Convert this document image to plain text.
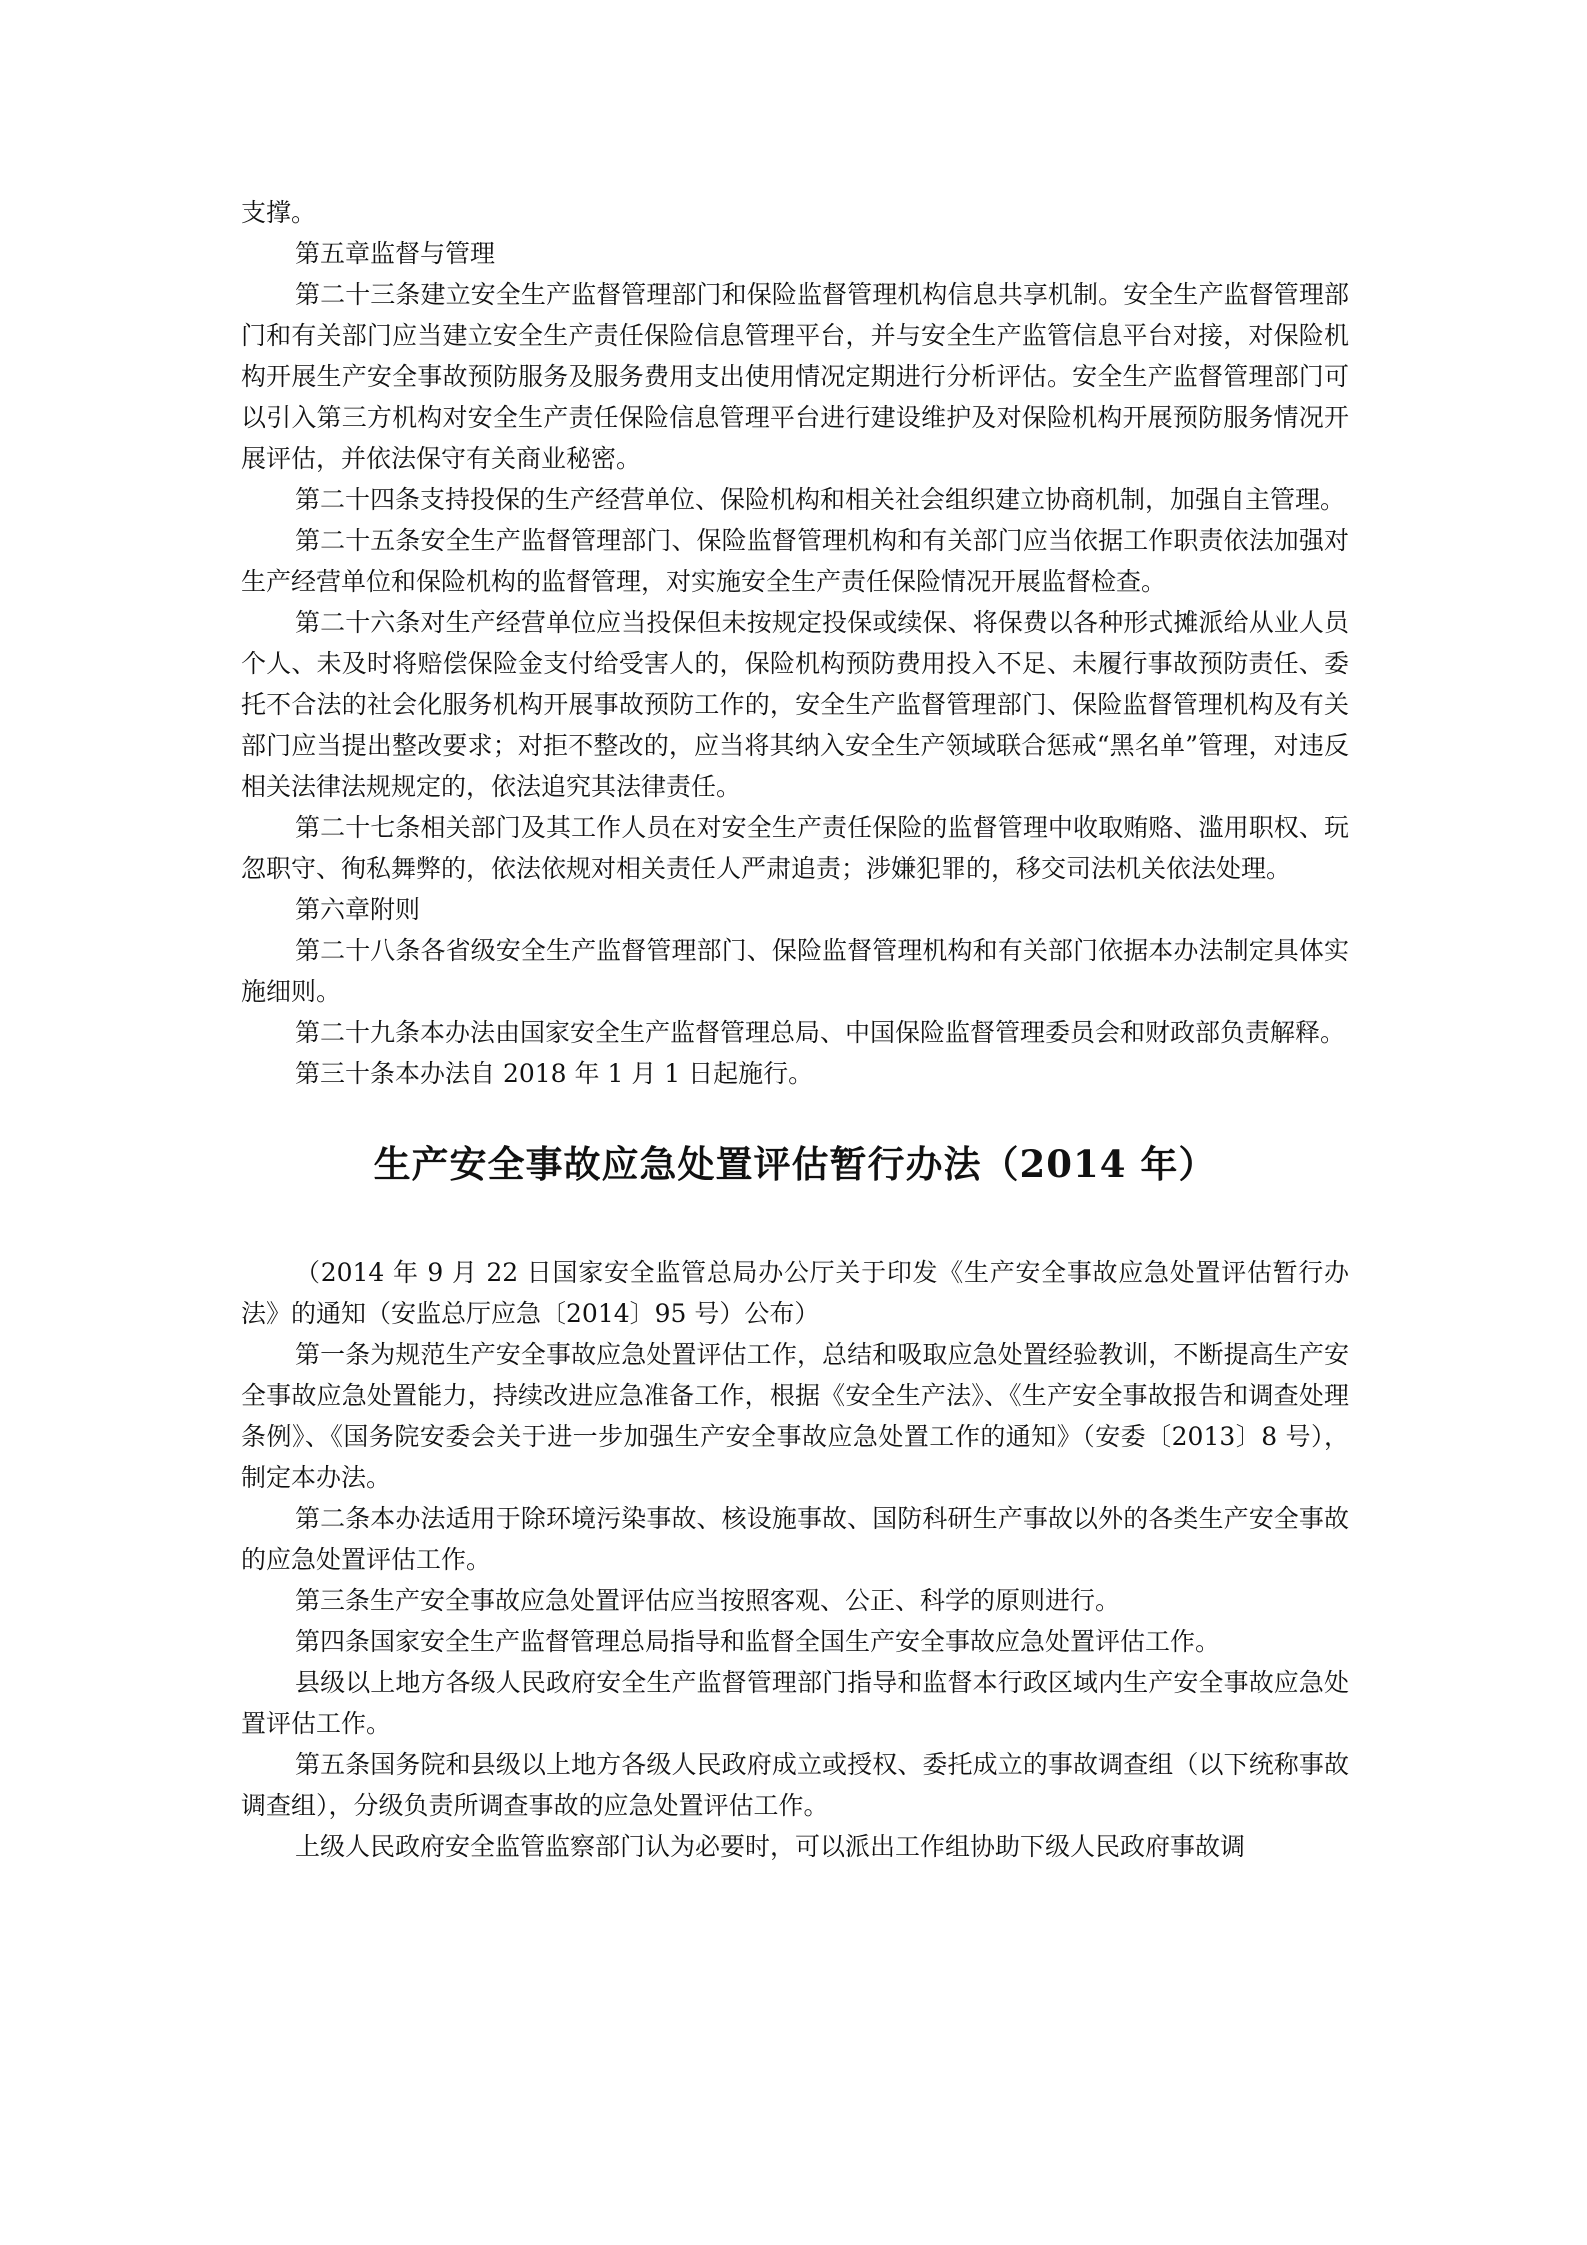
支撑。

第五章监督与管理

第二十三条建立安全生产监督管理部门和保险监督管理机构信息共享机制。安全生产监督管理部门和有关部门应当建立安全生产责任保险信息管理平台，并与安全生产监管信息平台对接，对保险机构开展生产安全事故预防服务及服务费用支出使用情况定期进行分析评估。安全生产监督管理部门可以引入第三方机构对安全生产责任保险信息管理平台进行建设维护及对保险机构开展预防服务情况开展评估，并依法保守有关商业秘密。

第二十四条支持投保的生产经营单位、保险机构和相关社会组织建立协商机制，加强自主管理。

第二十五条安全生产监督管理部门、保险监督管理机构和有关部门应当依据工作职责依法加强对生产经营单位和保险机构的监督管理，对实施安全生产责任保险情况开展监督检查。

第二十六条对生产经营单位应当投保但未按规定投保或续保、将保费以各种形式摊派给从业人员个人、未及时将赔偿保险金支付给受害人的，保险机构预防费用投入不足、未履行事故预防责任、委托不合法的社会化服务机构开展事故预防工作的，安全生产监督管理部门、保险监督管理机构及有关部门应当提出整改要求；对拒不整改的，应当将其纳入安全生产领域联合惩戒“黑名单”管理，对违反相关法律法规规定的，依法追究其法律责任。

第二十七条相关部门及其工作人员在对安全生产责任保险的监督管理中收取贿赂、滥用职权、玩忽职守、徇私舞弊的，依法依规对相关责任人严肃追责；涉嫌犯罪的，移交司法机关依法处理。

第六章附则

第二十八条各省级安全生产监督管理部门、保险监督管理机构和有关部门依据本办法制定具体实施细则。

第二十九条本办法由国家安全生产监督管理总局、中国保险监督管理委员会和财政部负责解释。

第三十条本办法自 2018 年 1 月 1 日起施行。

生产安全事故应急处置评估暂行办法（2014 年）

（2014 年 9 月 22 日国家安全监管总局办公厅关于印发《生产安全事故应急处置评估暂行办法》的通知（安监总厅应急〔2014〕95 号）公布）

第一条为规范生产安全事故应急处置评估工作，总结和吸取应急处置经验教训，不断提高生产安全事故应急处置能力，持续改进应急准备工作，根据《安全生产法》、《生产安全事故报告和调查处理条例》、《国务院安委会关于进一步加强生产安全事故应急处置工作的通知》（安委〔2013〕8 号），制定本办法。

第二条本办法适用于除环境污染事故、核设施事故、国防科研生产事故以外的各类生产安全事故的应急处置评估工作。

第三条生产安全事故应急处置评估应当按照客观、公正、科学的原则进行。

第四条国家安全生产监督管理总局指导和监督全国生产安全事故应急处置评估工作。

县级以上地方各级人民政府安全生产监督管理部门指导和监督本行政区域内生产安全事故应急处置评估工作。

第五条国务院和县级以上地方各级人民政府成立或授权、委托成立的事故调查组（以下统称事故调查组），分级负责所调查事故的应急处置评估工作。

上级人民政府安全监管监察部门认为必要时，可以派出工作组协助下级人民政府事故调
